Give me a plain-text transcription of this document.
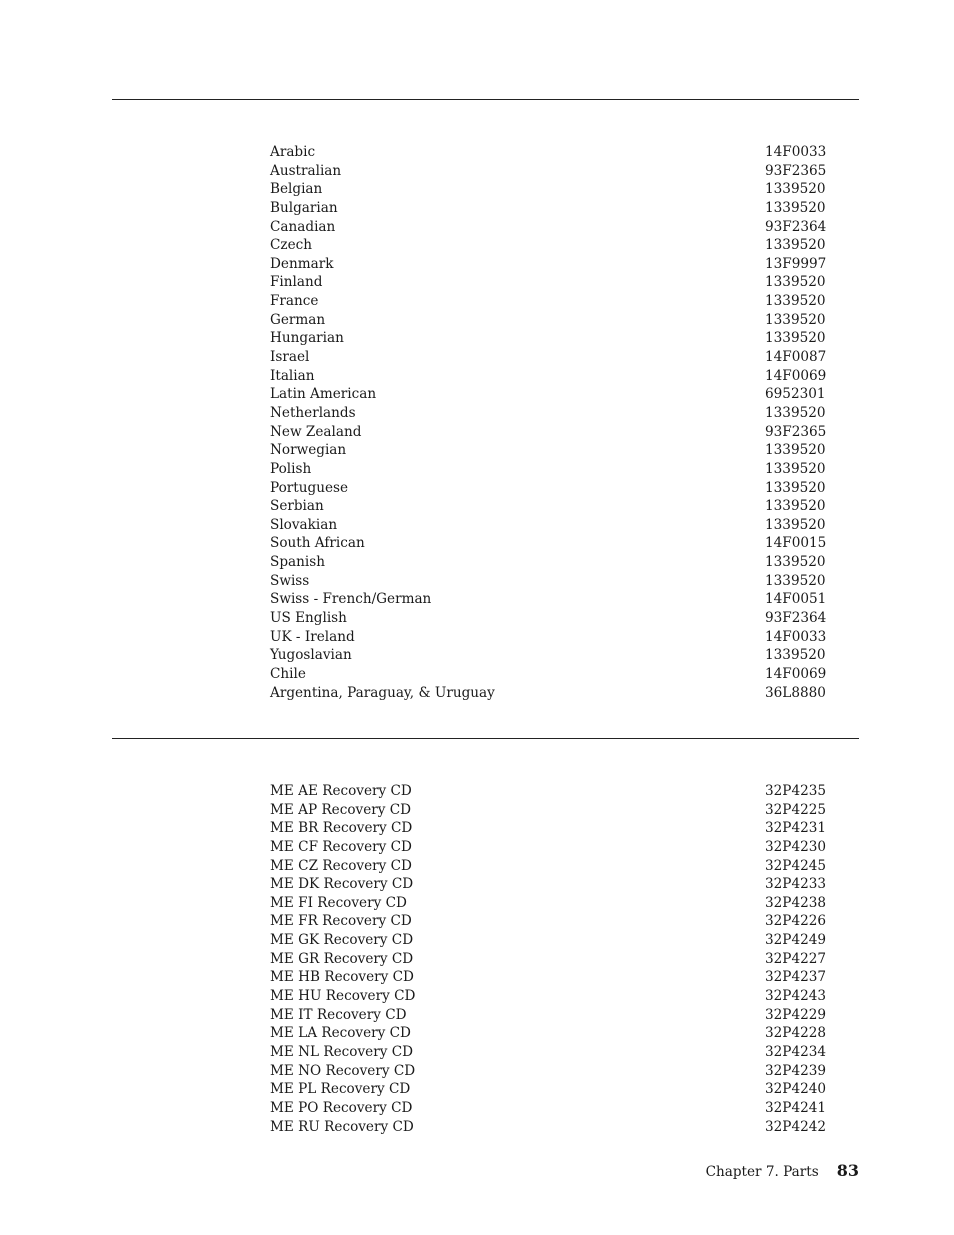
Arabic	14F0033
Australian	93F2365
Belgian	1339520
Bulgarian	1339520
Canadian	93F2364
Czech	1339520
Denmark	13F9997
Finland	1339520
France	1339520
German	1339520
Hungarian	1339520
Israel	14F0087
Italian	14F0069
Latin American	6952301
Netherlands	1339520
New Zealand	93F2365
Norwegian	1339520
Polish	1339520
Portuguese	1339520
Serbian	1339520
Slovakian	1339520
South African	14F0015
Spanish	1339520
Swiss	1339520
Swiss - French/German	14F0051
US English	93F2364
UK - Ireland	14F0033
Yugoslavian	1339520
Chile	14F0069
Argentina, Paraguay, & Uruguay	36L8880
ME AE Recovery CD	32P4235
ME AP Recovery CD	32P4225
ME BR Recovery CD	32P4231
ME CF Recovery CD	32P4230
ME CZ Recovery CD	32P4245
ME DK Recovery CD	32P4233
ME FI Recovery CD	32P4238
ME FR Recovery CD	32P4226
ME GK Recovery CD	32P4249
ME GR Recovery CD	32P4227
ME HB Recovery CD	32P4237
ME HU Recovery CD	32P4243
ME IT Recovery CD	32P4229
ME LA Recovery CD	32P4228
ME NL Recovery CD	32P4234
ME NO Recovery CD	32P4239
ME PL Recovery CD	32P4240
ME PO Recovery CD	32P4241
ME RU Recovery CD	32P4242
Chapter 7. Parts 83
